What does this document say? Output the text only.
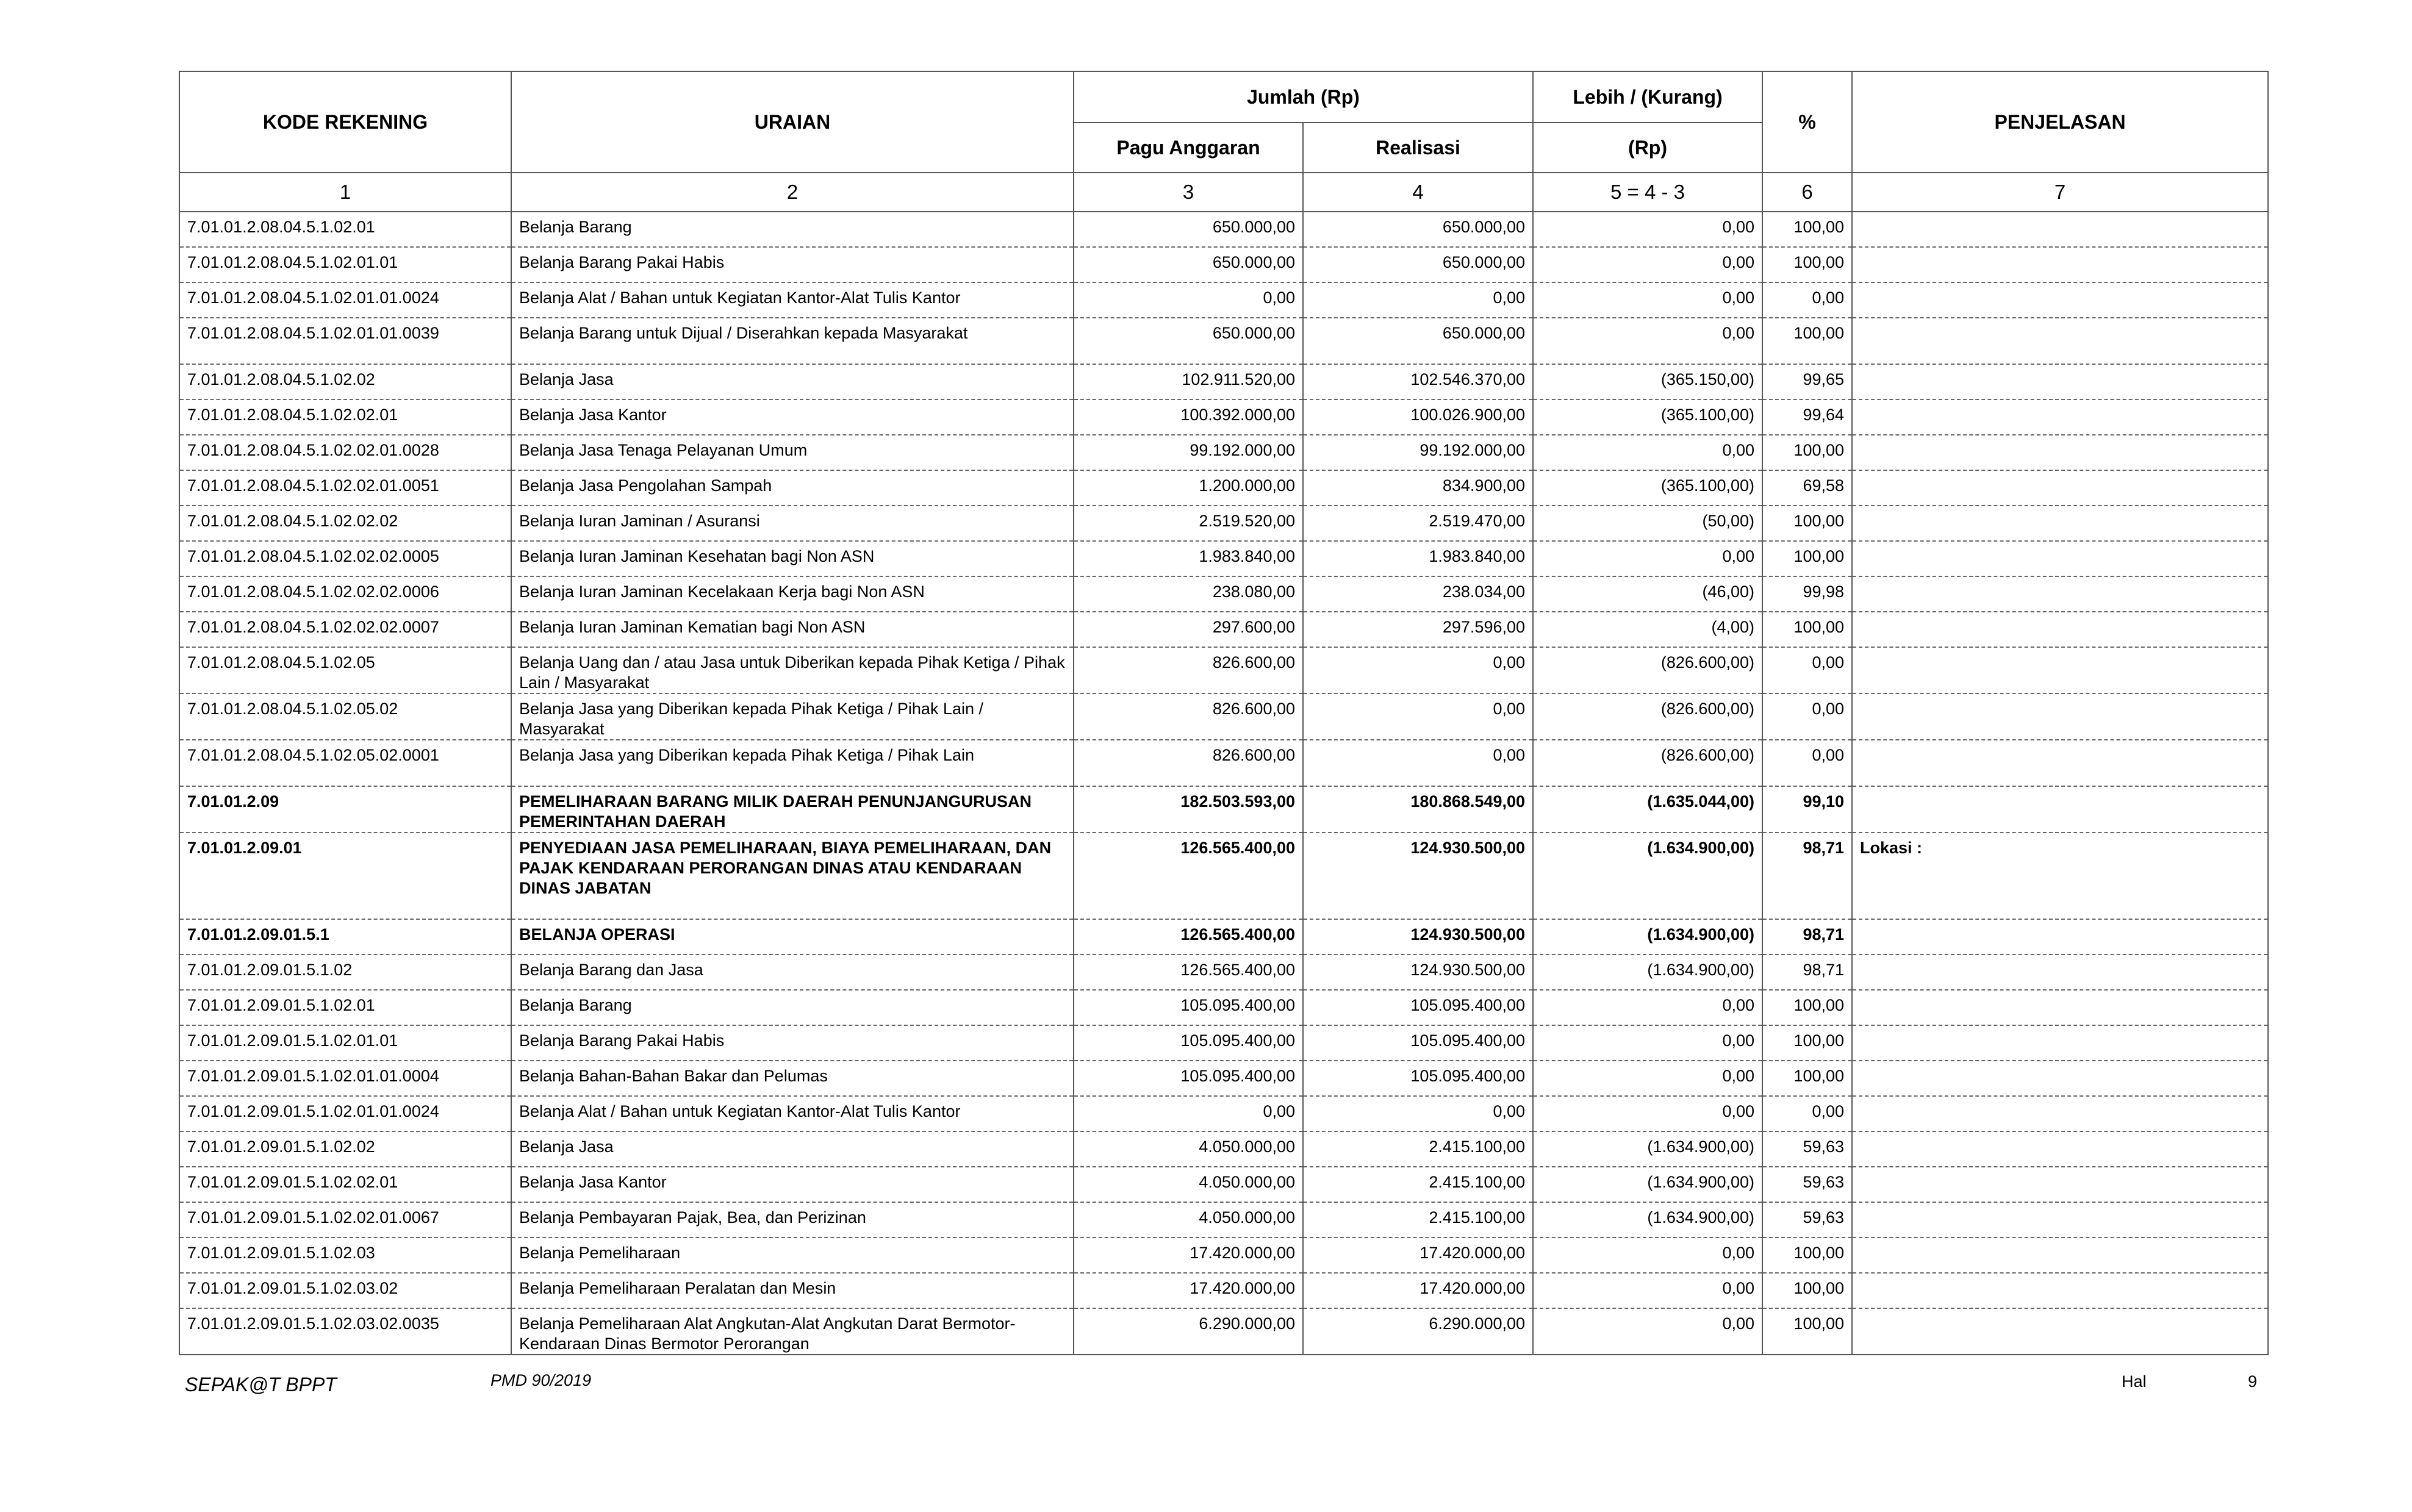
KODE REKENING	URAIAN	Jumlah (Rp)		Lebih / (Kurang)	%	PENJELASAN
		Pagu Anggaran	Realisasi	(Rp)		
1	2	3	4	5 = 4 - 3	6	7
7.01.01.2.08.04.5.1.02.01	Belanja Barang	650.000,00	650.000,00	0,00	100,00	
7.01.01.2.08.04.5.1.02.01.01	Belanja Barang Pakai Habis	650.000,00	650.000,00	0,00	100,00	
7.01.01.2.08.04.5.1.02.01.01.0024	Belanja Alat / Bahan untuk Kegiatan Kantor-Alat Tulis Kantor	0,00	0,00	0,00	0,00	
7.01.01.2.08.04.5.1.02.01.01.0039	Belanja Barang untuk Dijual / Diserahkan kepada Masyarakat	650.000,00	650.000,00	0,00	100,00	
7.01.01.2.08.04.5.1.02.02	Belanja Jasa	102.911.520,00	102.546.370,00	(365.150,00)	99,65	
7.01.01.2.08.04.5.1.02.02.01	Belanja Jasa Kantor	100.392.000,00	100.026.900,00	(365.100,00)	99,64	
7.01.01.2.08.04.5.1.02.02.01.0028	Belanja Jasa Tenaga Pelayanan Umum	99.192.000,00	99.192.000,00	0,00	100,00	
7.01.01.2.08.04.5.1.02.02.01.0051	Belanja Jasa Pengolahan Sampah	1.200.000,00	834.900,00	(365.100,00)	69,58	
7.01.01.2.08.04.5.1.02.02.02	Belanja Iuran Jaminan / Asuransi	2.519.520,00	2.519.470,00	(50,00)	100,00	
7.01.01.2.08.04.5.1.02.02.02.0005	Belanja Iuran Jaminan Kesehatan bagi Non ASN	1.983.840,00	1.983.840,00	0,00	100,00	
7.01.01.2.08.04.5.1.02.02.02.0006	Belanja Iuran Jaminan Kecelakaan Kerja bagi Non ASN	238.080,00	238.034,00	(46,00)	99,98	
7.01.01.2.08.04.5.1.02.02.02.0007	Belanja Iuran Jaminan Kematian bagi Non ASN	297.600,00	297.596,00	(4,00)	100,00	
7.01.01.2.08.04.5.1.02.05	Belanja Uang dan / atau Jasa untuk Diberikan kepada Pihak Ketiga / Pihak Lain / Masyarakat	826.600,00	0,00	(826.600,00)	0,00	
7.01.01.2.08.04.5.1.02.05.02	Belanja Jasa yang Diberikan kepada Pihak Ketiga / Pihak Lain / Masyarakat	826.600,00	0,00	(826.600,00)	0,00	
7.01.01.2.08.04.5.1.02.05.02.0001	Belanja Jasa yang Diberikan kepada Pihak Ketiga / Pihak Lain	826.600,00	0,00	(826.600,00)	0,00	
7.01.01.2.09	PEMELIHARAAN BARANG MILIK DAERAH PENUNJANGURUSAN PEMERINTAHAN DAERAH	182.503.593,00	180.868.549,00	(1.635.044,00)	99,10	
7.01.01.2.09.01	PENYEDIAAN JASA PEMELIHARAAN, BIAYA PEMELIHARAAN, DAN PAJAK KENDARAAN PERORANGAN DINAS ATAU KENDARAAN DINAS JABATAN	126.565.400,00	124.930.500,00	(1.634.900,00)	98,71	Lokasi :
7.01.01.2.09.01.5.1	BELANJA OPERASI	126.565.400,00	124.930.500,00	(1.634.900,00)	98,71	
7.01.01.2.09.01.5.1.02	Belanja Barang dan Jasa	126.565.400,00	124.930.500,00	(1.634.900,00)	98,71	
7.01.01.2.09.01.5.1.02.01	Belanja Barang	105.095.400,00	105.095.400,00	0,00	100,00	
7.01.01.2.09.01.5.1.02.01.01	Belanja Barang Pakai Habis	105.095.400,00	105.095.400,00	0,00	100,00	
7.01.01.2.09.01.5.1.02.01.01.0004	Belanja Bahan-Bahan Bakar dan Pelumas	105.095.400,00	105.095.400,00	0,00	100,00	
7.01.01.2.09.01.5.1.02.01.01.0024	Belanja Alat / Bahan untuk Kegiatan Kantor-Alat Tulis Kantor	0,00	0,00	0,00	0,00	
7.01.01.2.09.01.5.1.02.02	Belanja Jasa	4.050.000,00	2.415.100,00	(1.634.900,00)	59,63	
7.01.01.2.09.01.5.1.02.02.01	Belanja Jasa Kantor	4.050.000,00	2.415.100,00	(1.634.900,00)	59,63	
7.01.01.2.09.01.5.1.02.02.01.0067	Belanja Pembayaran Pajak, Bea, dan Perizinan	4.050.000,00	2.415.100,00	(1.634.900,00)	59,63	
7.01.01.2.09.01.5.1.02.03	Belanja Pemeliharaan	17.420.000,00	17.420.000,00	0,00	100,00	
7.01.01.2.09.01.5.1.02.03.02	Belanja Pemeliharaan Peralatan dan Mesin	17.420.000,00	17.420.000,00	0,00	100,00	
7.01.01.2.09.01.5.1.02.03.02.0035	Belanja Pemeliharaan Alat Angkutan-Alat Angkutan Darat Bermotor-Kendaraan Dinas Bermotor Perorangan	6.290.000,00	6.290.000,00	0,00	100,00	
SEPAK@T BPPT	PMD 90/2019	Hal	9
